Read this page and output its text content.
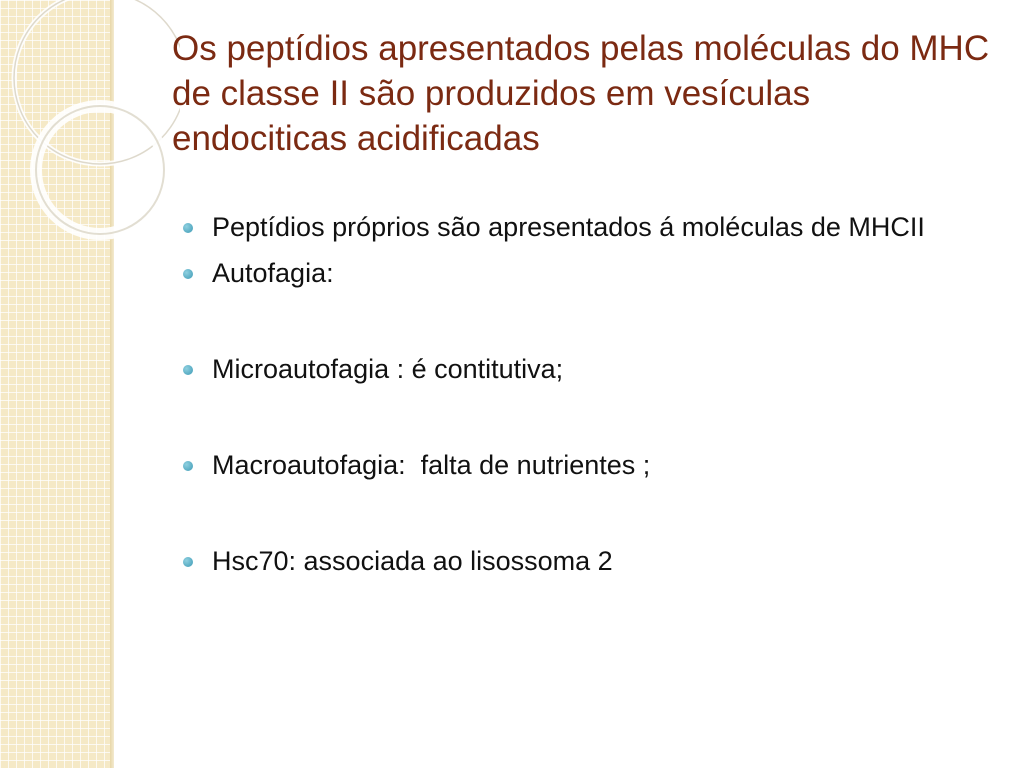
Os peptídios apresentados pelas moléculas do MHC de classe II são produzidos em vesículas endociticas acidificadas
Peptídios próprios são apresentados á moléculas de MHCII
Autofagia:
Microautofagia : é contitutiva;
Macroautofagia:  falta de nutrientes ;
Hsc70: associada ao lisossoma 2
